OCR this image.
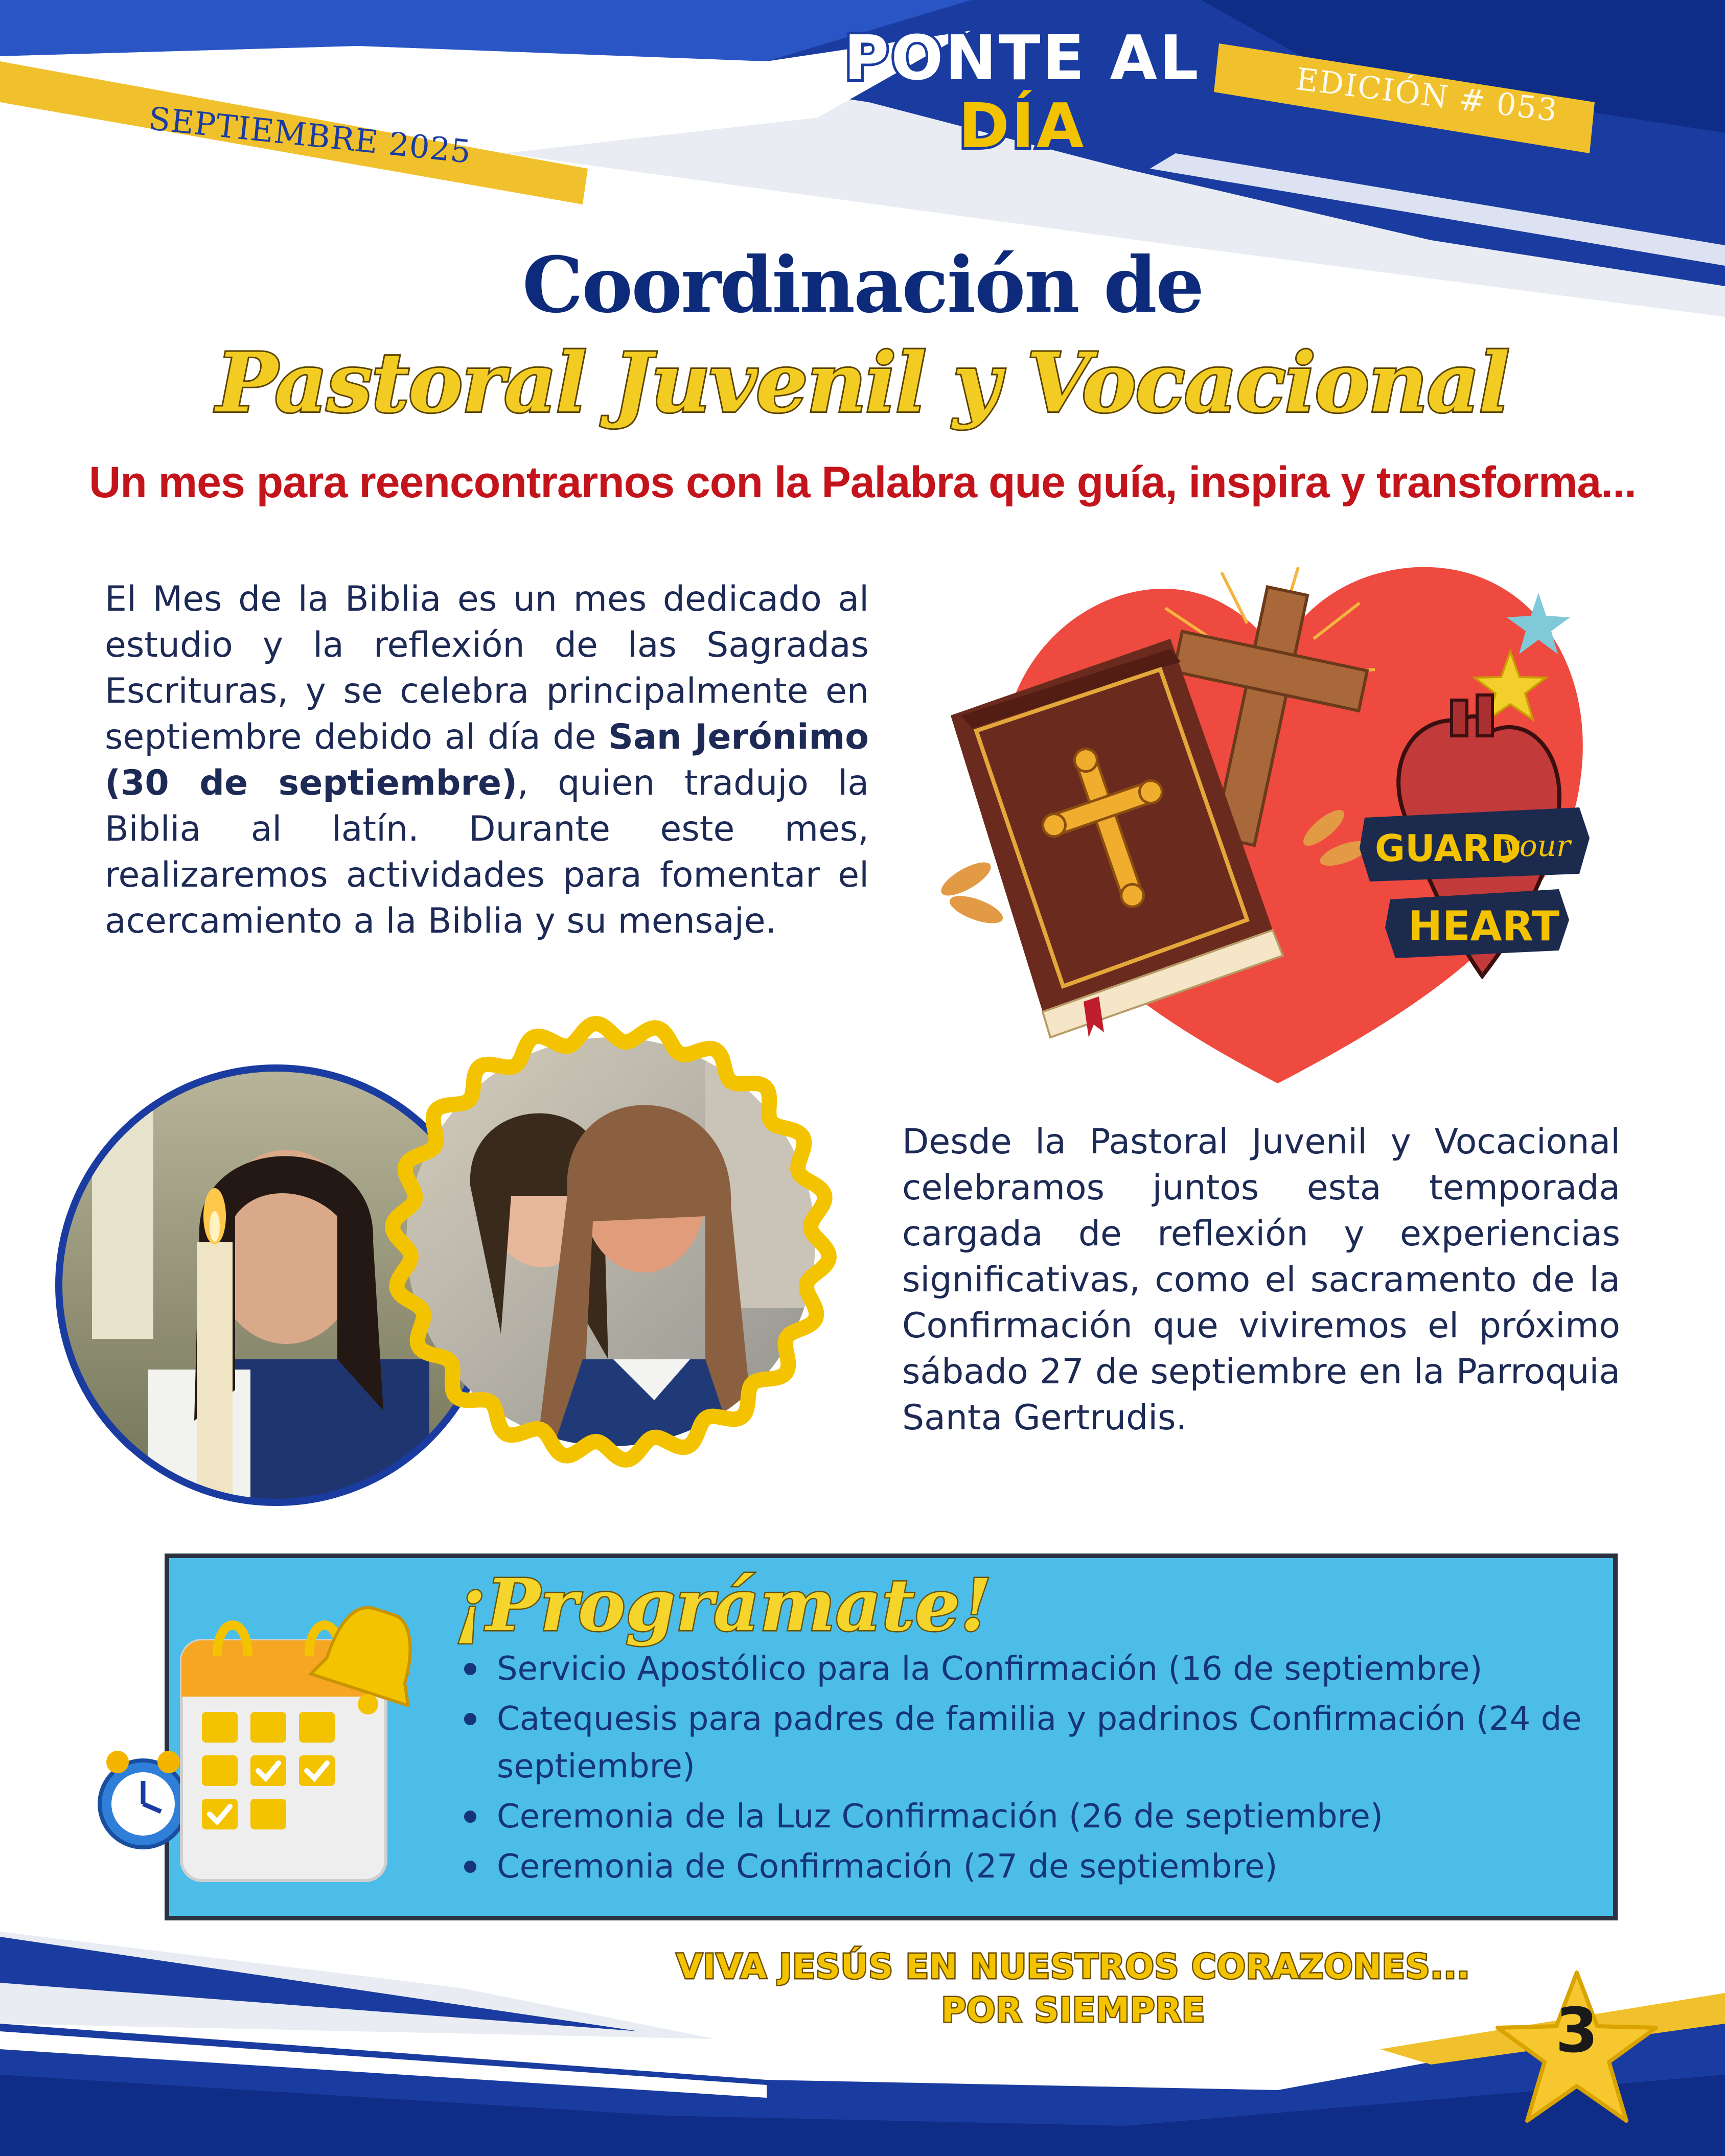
PONTE AL
DÍA
SEPTIEMBRE 2025
EDICIÓN # 053
Coordinación de
Pastoral Juvenil y Vocacional
Un mes para reencontrarnos con la Palabra que guía, inspira y transforma...
El Mes de la Biblia es un mes dedicado al estudio y la reflexión de las Sagradas Escrituras, y se celebra principalmente en septiembre debido al día de San Jerónimo (30 de septiembre), quien tradujo la Biblia al latín. Durante este mes, realizaremos actividades para fomentar el acercamiento a la Biblia y su mensaje.
GUARD
your
HEART
Desde la Pastoral Juvenil y Vocacional celebramos juntos esta temporada cargada de reflexión y experiencias significativas, como el sacramento de la Confirmación que viviremos el próximo sábado 27 de septiembre en la Parroquia Santa Gertrudis.
¡Prográmate!
Servicio Apostólico para la Confirmación (16 de septiembre)
Catequesis para padres de familia y padrinos Confirmación (24 de septiembre)
Ceremonia de la Luz Confirmación (26 de septiembre)
Ceremonia de Confirmación (27 de septiembre)
VIVA JESÚS EN NUESTROS CORAZONES...
POR SIEMPRE	3
